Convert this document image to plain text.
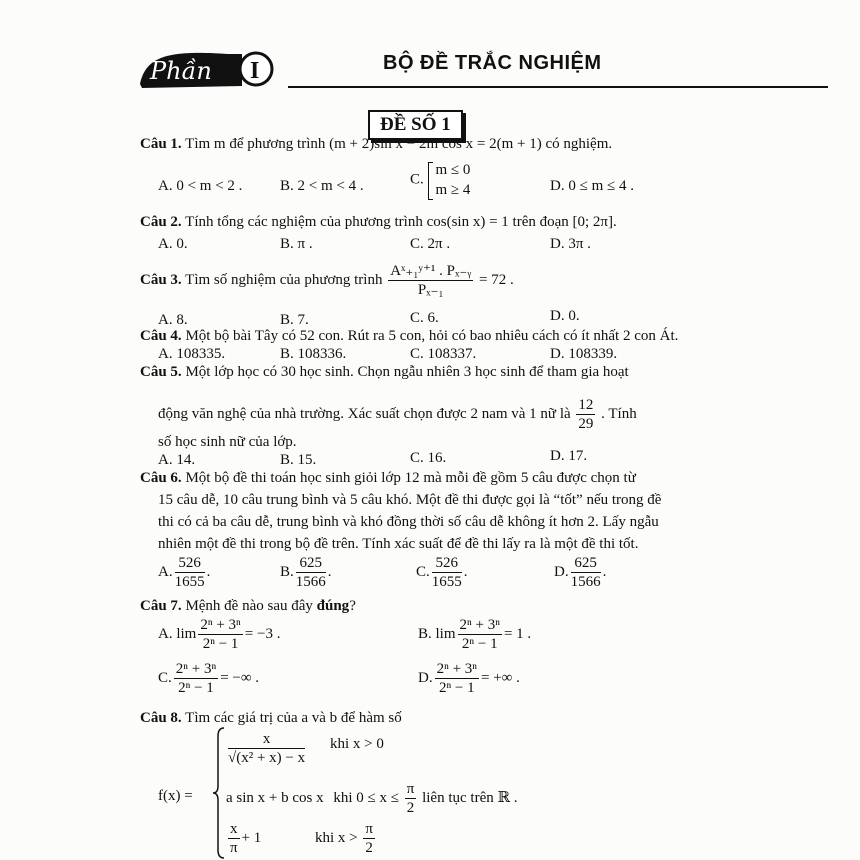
Phần I	BỘ ĐỀ TRẮC NGHIỆM
ĐỀ SỐ 1
Câu 1. Tìm m để phương trình (m + 2)sin x − 2m cos x = 2(m + 1) có nghiệm.
A. 0 < m < 2 .	B. 2 < m < 4 .	C.
m ≤ 0
m ≥ 4	D. 0 ≤ m ≤ 4 .
Câu 2. Tính tổng các nghiệm của phương trình cos(sin x) = 1 trên đoạn [0; 2π].
A. 0.	B. π .	C. 2π .	D. 3π .
Câu 3. Tìm số nghiệm của phương trình $\frac{\text{Aˣ₊₁ʸ⁺¹ . Pₓ₋ᵧ}}{\text{Pₓ₋₁}} = 72$ .
A. 8.	B. 7.	C. 6.	D. 0.
Câu 4. Một bộ bài Tây có 52 con. Rút ra 5 con, hỏi có bao nhiêu cách có ít nhất 2 con Át.
A. 108335.	B. 108336.	C. 108337.	D. 108339.
Câu 5. Một lớp học có 30 học sinh. Chọn ngẫu nhiên 3 học sinh để tham gia hoạt
động văn nghệ của nhà trường. Xác suất chọn được 2 nam và 1 nữ là $\frac{12}{29}$ . Tính
số học sinh nữ của lớp.
A. 14.	B. 15.	C. 16.	D. 17.
Câu 6. Một bộ đề thi toán học sinh giỏi lớp 12 mà mỗi đề gồm 5 câu được chọn từ
15 câu dễ, 10 câu trung bình và 5 câu khó. Một đề thi được gọi là “tốt” nếu trong đề
thi có cả ba câu dễ, trung bình và khó đồng thời số câu dễ không ít hơn 2. Lấy ngẫu
nhiên một đề thi trong bộ đề trên. Tính xác suất để đề thi lấy ra là một đề thi tốt.
A. $\frac{526}{1655}$ .	B. $\frac{625}{1566}$ .	C. $\frac{526}{1655}$ .	D. $\frac{625}{1566}$ .
Câu 7. Mệnh đề nào sau đây đúng?
A. $\lim \frac{\text{2ⁿ + 3ⁿ}}{\text{2ⁿ − 1}} = -3$ .	B. $\lim \frac{\text{2ⁿ + 3ⁿ}}{\text{2ⁿ − 1}} = 1$ .
C. $\frac{\text{2ⁿ + 3ⁿ}}{\text{2ⁿ − 1}}$ = −∞ .	D. $\frac{\text{2ⁿ + 3ⁿ}}{\text{2ⁿ − 1}}$ = +∞ .
Câu 8. Tìm các giá trị của a và b để hàm số
f(x) =
$\frac{x}{\text{√(x² + x) − x}}$ khi x > 0
a sin x + b cos x khi $0 \le x \le \frac{\pi}{2}$ liên tục trên ℝ .
$\frac{x}{\pi} + 1$	khi $x > \frac{\pi}{2}$
